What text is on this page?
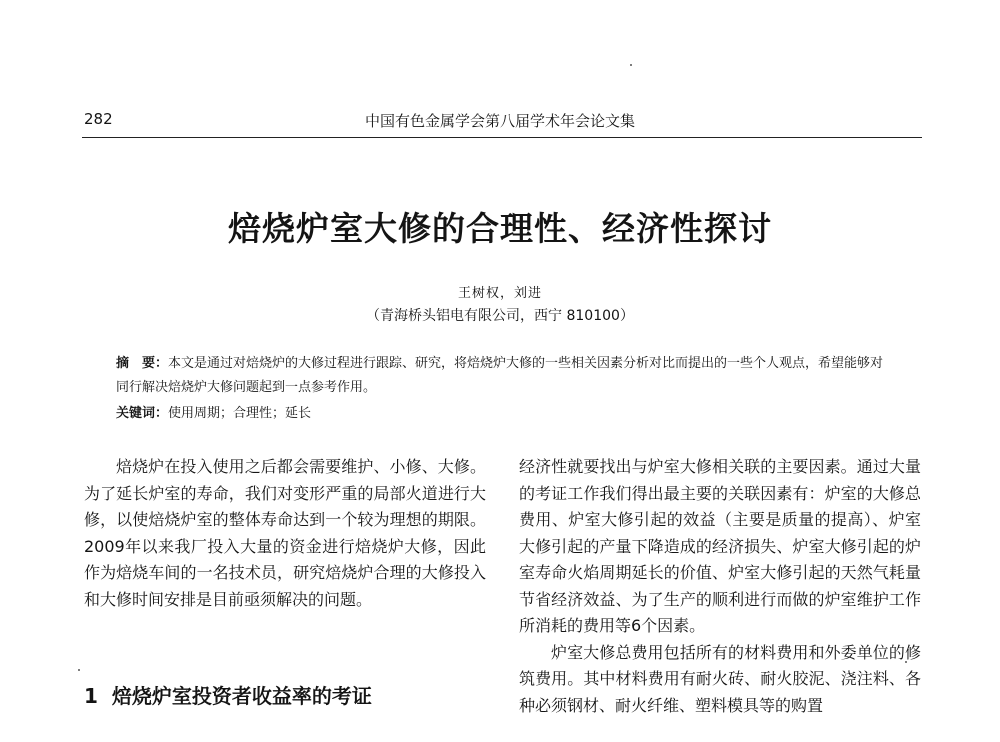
282	中国有色金属学会第八届学术年会论文集
焙烧炉室大修的合理性、经济性探讨
王树权，刘进
（青海桥头铝电有限公司，西宁 810100）
摘　要：本文是通过对焙烧炉的大修过程进行跟踪、研究，将焙烧炉大修的一些相关因素分析对比而提出的一些个人观点，希望能够对同行解决焙烧炉大修问题起到一点参考作用。
关键词：使用周期；合理性；延长

焙烧炉在投入使用之后都会需要维护、小修、大修。为了延长炉室的寿命，我们对变形严重的局部火道进行大修，以使焙烧炉室的整体寿命达到一个较为理想的期限。2009年以来我厂投入大量的资金进行焙烧炉大修，因此作为焙烧车间的一名技术员，研究焙烧炉合理的大修投入和大修时间安排是目前亟须解决的问题。

1 焙烧炉室投资者收益率的考证

经济性就要找出与炉室大修相关联的主要因素。通过大量的考证工作我们得出最主要的关联因素有：炉室的大修总费用、炉室大修引起的效益（主要是质量的提高）、炉室大修引起的产量下降造成的经济损失、炉室大修引起的炉室寿命火焰周期延长的价值、炉室大修引起的天然气耗量节省经济效益、为了生产的顺利进行而做的炉室维护工作所消耗的费用等6个因素。

炉室大修总费用包括所有的材料费用和外委单位的修筑费用。其中材料费用有耐火砖、耐火胶泥、浇注料、各种必须钢材、耐火纤维、塑料模具等的购置
